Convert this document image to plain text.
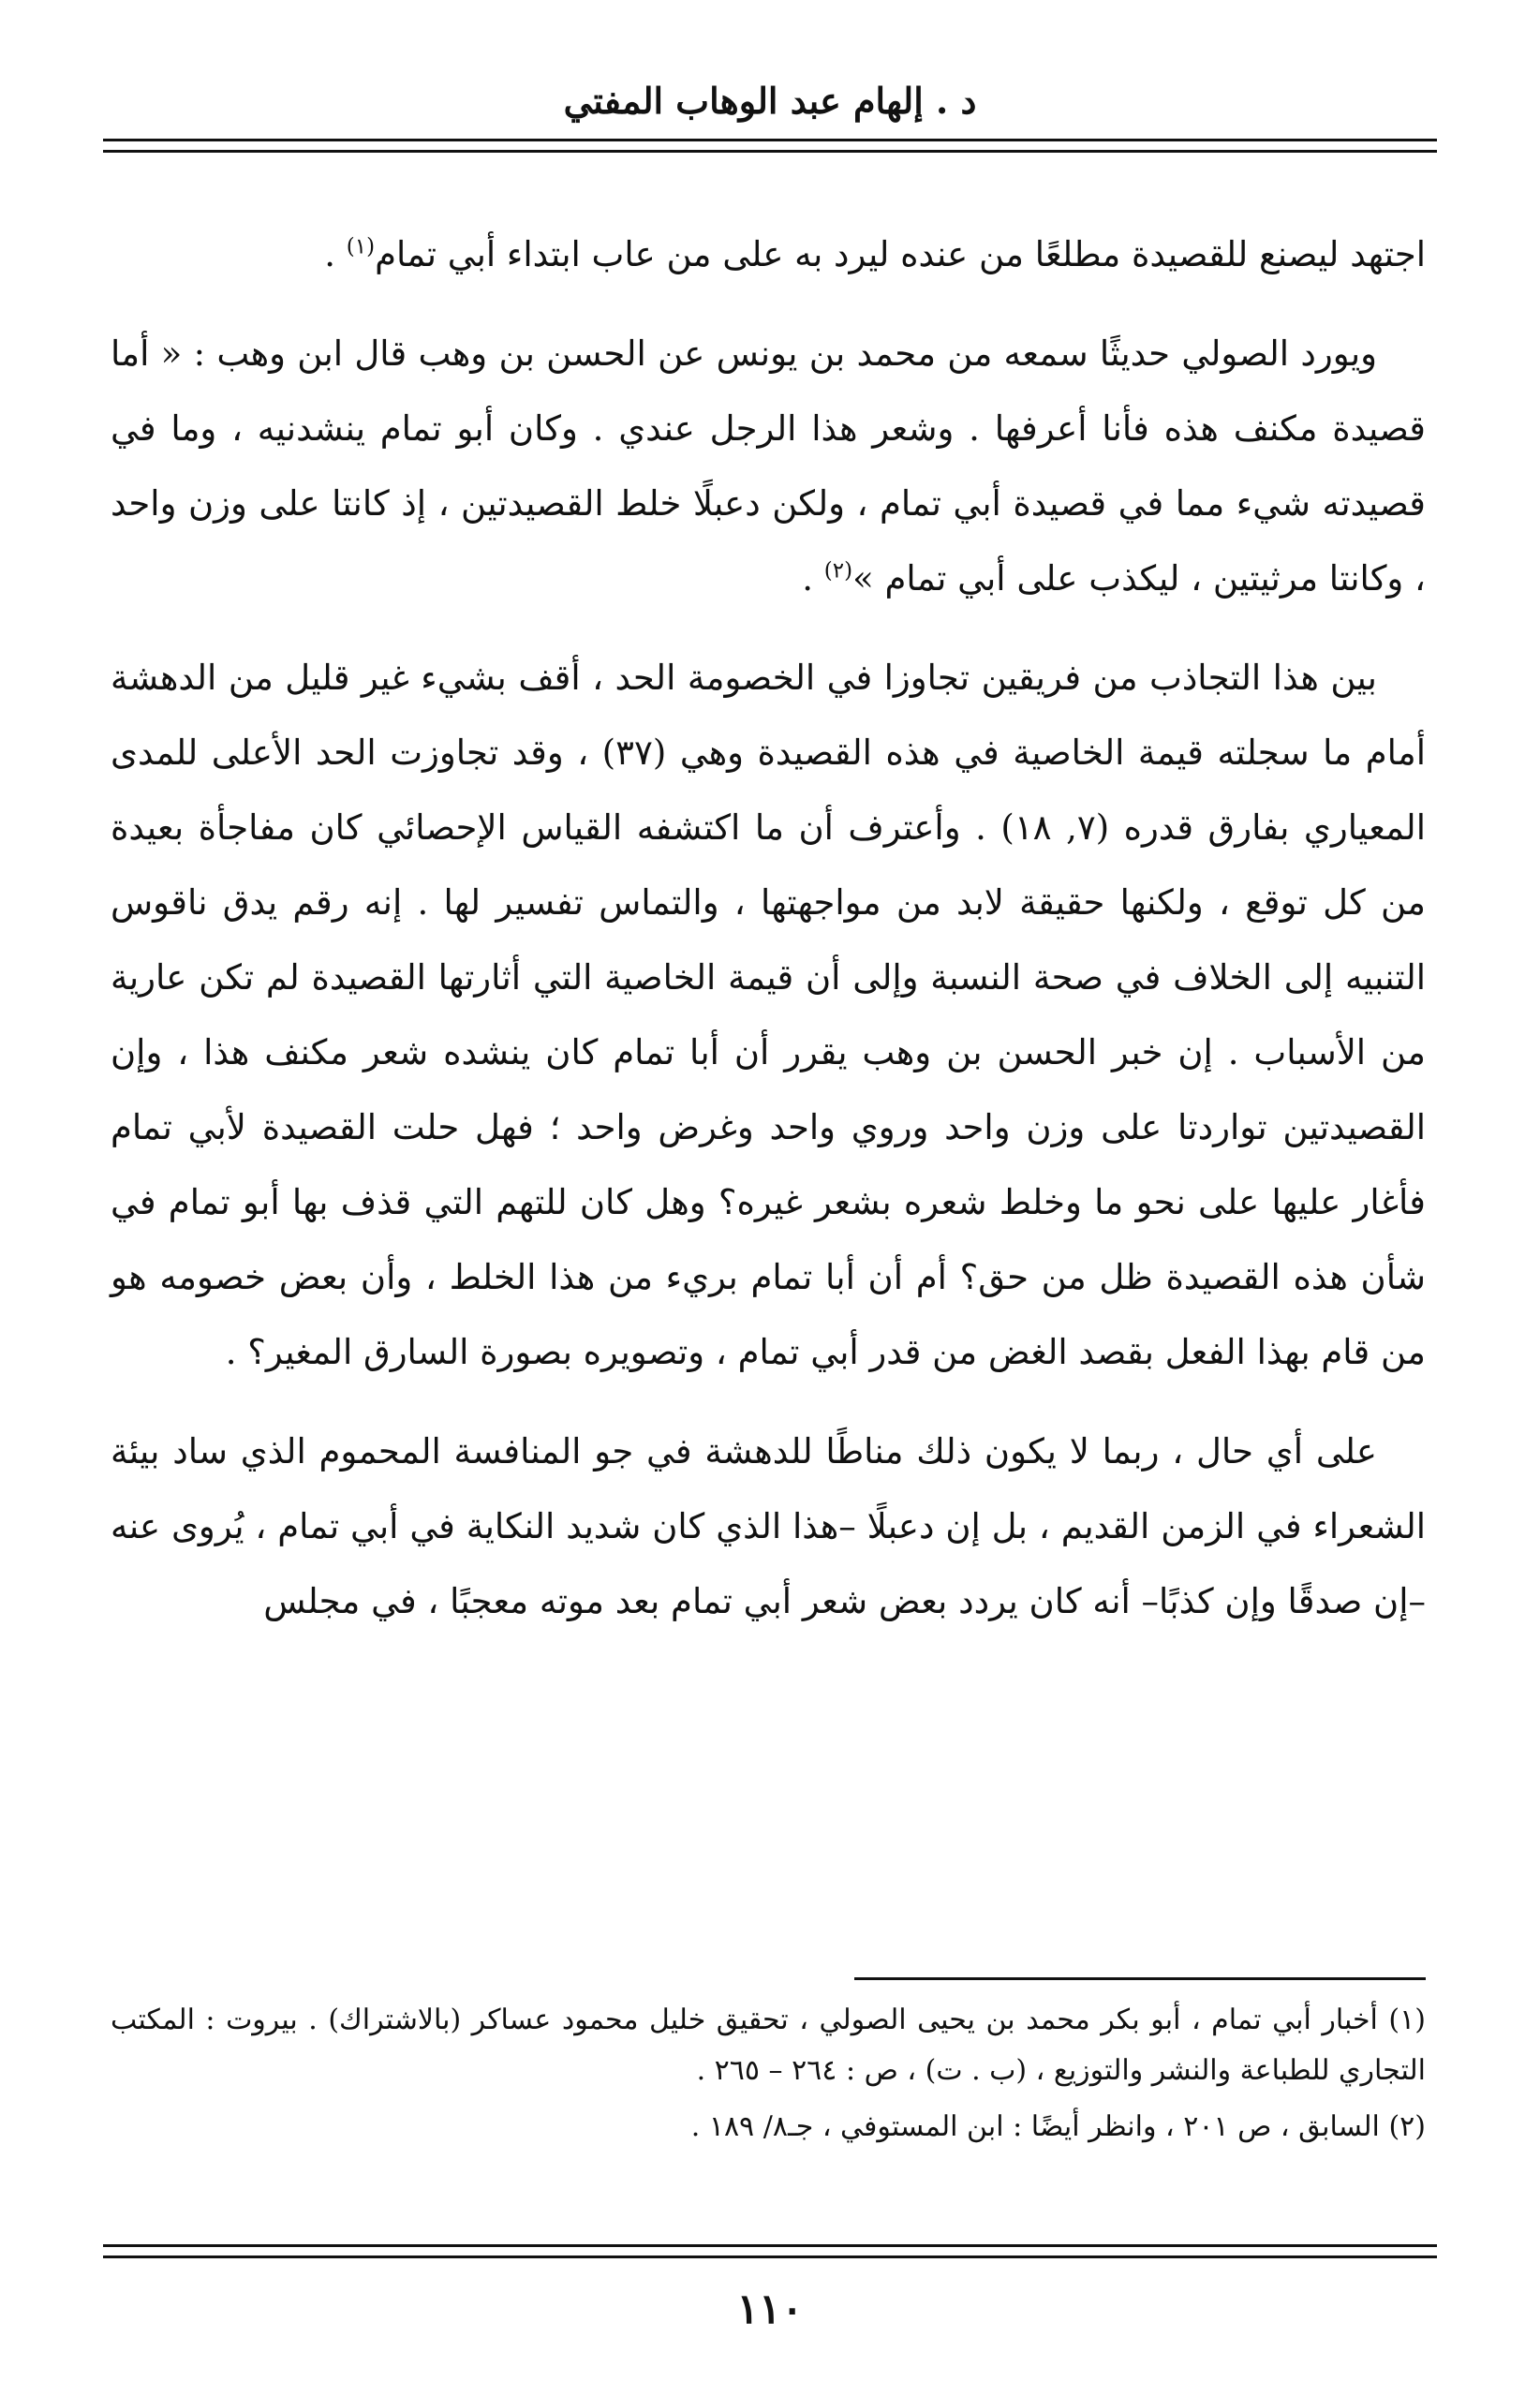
د . إلهام عبد الوهاب المفتي

اجتهد ليصنع للقصيدة مطلعًا من عنده ليرد به على من عاب ابتداء أبي تمام$^{(١)}$ .

ويورد الصولي حديثًا سمعه من محمد بن يونس عن الحسن بن وهب قال ابن وهب : « أما قصيدة مكنف هذه فأنا أعرفها . وشعر هذا الرجل عندي . وكان أبو تمام ينشدنيه ، وما في قصيدته شيء مما في قصيدة أبي تمام ، ولكن دعبلًا خلط القصيدتين ، إذ كانتا على وزن واحد ، وكانتا مرثيتين ، ليكذب على أبي تمام »$^{(٢)}$ .

بين هذا التجاذب من فريقين تجاوزا في الخصومة الحد ، أقف بشيء غير قليل من الدهشة أمام ما سجلته قيمة الخاصية في هذه القصيدة وهي (٣٧) ، وقد تجاوزت الحد الأعلى للمدى المعياري بفارق قدره (٧, ١٨) . وأعترف أن ما اكتشفه القياس الإحصائي كان مفاجأة بعيدة من كل توقع ، ولكنها حقيقة لابد من مواجهتها ، والتماس تفسير لها . إنه رقم يدق ناقوس التنبيه إلى الخلاف في صحة النسبة وإلى أن قيمة الخاصية التي أثارتها القصيدة لم تكن عارية من الأسباب . إن خبر الحسن بن وهب يقرر أن أبا تمام كان ينشده شعر مكنف هذا ، وإن القصيدتين تواردتا على وزن واحد وروي واحد وغرض واحد ؛ فهل حلت القصيدة لأبي تمام فأغار عليها على نحو ما وخلط شعره بشعر غيره؟ وهل كان للتهم التي قذف بها أبو تمام في شأن هذه القصيدة ظل من حق؟ أم أن أبا تمام بريء من هذا الخلط ، وأن بعض خصومه هو من قام بهذا الفعل بقصد الغض من قدر أبي تمام ، وتصويره بصورة السارق المغير؟ .

على أي حال ، ربما لا يكون ذلك مناطًا للدهشة في جو المنافسة المحموم الذي ساد بيئة الشعراء في الزمن القديم ، بل إن دعبلًا –هذا الذي كان شديد النكاية في أبي تمام ، يُروى عنه –إن صدقًا وإن كذبًا– أنه كان يردد بعض شعر أبي تمام بعد موته معجبًا ، في مجلس

(١) أخبار أبي تمام ، أبو بكر محمد بن يحيى الصولي ، تحقيق خليل محمود عساكر (بالاشتراك) . بيروت : المكتب التجاري للطباعة والنشر والتوزيع ، (ب . ت) ، ص : ٢٦٤ – ٢٦٥ .

(٢) السابق ، ص ٢٠١ ، وانظر أيضًا : ابن المستوفي ، جـ٨/ ١٨٩ .

١١٠
